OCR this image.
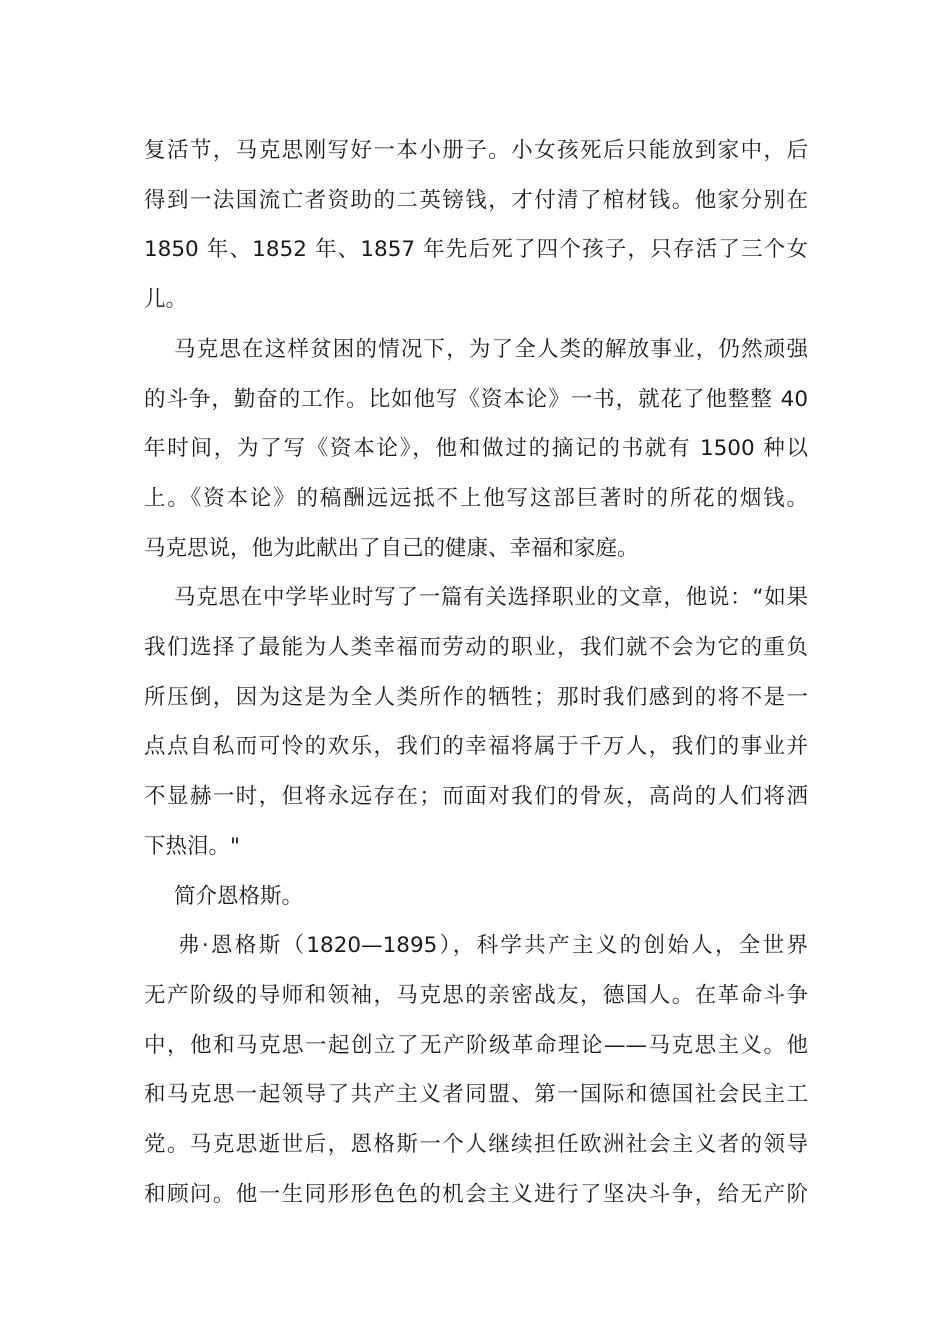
复活节，马克思刚写好一本小册子。小女孩死后只能放到家中，后
得到一法国流亡者资助的二英镑钱，才付清了棺材钱。他家分别在
1850 年、1852 年、1857 年先后死了四个孩子，只存活了三个女
儿。

马克思在这样贫困的情况下，为了全人类的解放事业，仍然顽强
的斗争，勤奋的工作。比如他写《资本论》一书，就花了他整整 40
年时间，为了写《资本论》，他和做过的摘记的书就有 1500 种以
上。《资本论》的稿酬远远抵不上他写这部巨著时的所花的烟钱。
马克思说，他为此献出了自己的健康、幸福和家庭。

马克思在中学毕业时写了一篇有关选择职业的文章，他说：“如果
我们选择了最能为人类幸福而劳动的职业，我们就不会为它的重负
所压倒，因为这是为全人类所作的牺牲；那时我们感到的将不是一
点点自私而可怜的欢乐，我们的幸福将属于千万人，我们的事业并
不显赫一时，但将永远存在；而面对我们的骨灰，高尚的人们将洒
下热泪。"

简介恩格斯。

弗·恩格斯（1820—1895），科学共产主义的创始人，全世界
无产阶级的导师和领袖，马克思的亲密战友，德国人。在革命斗争
中，他和马克思一起创立了无产阶级革命理论——马克思主义。他
和马克思一起领导了共产主义者同盟、第一国际和德国社会民主工
党。马克思逝世后，恩格斯一个人继续担任欧洲社会主义者的领导
和顾问。他一生同形形色色的机会主义进行了坚决斗争，给无产阶
